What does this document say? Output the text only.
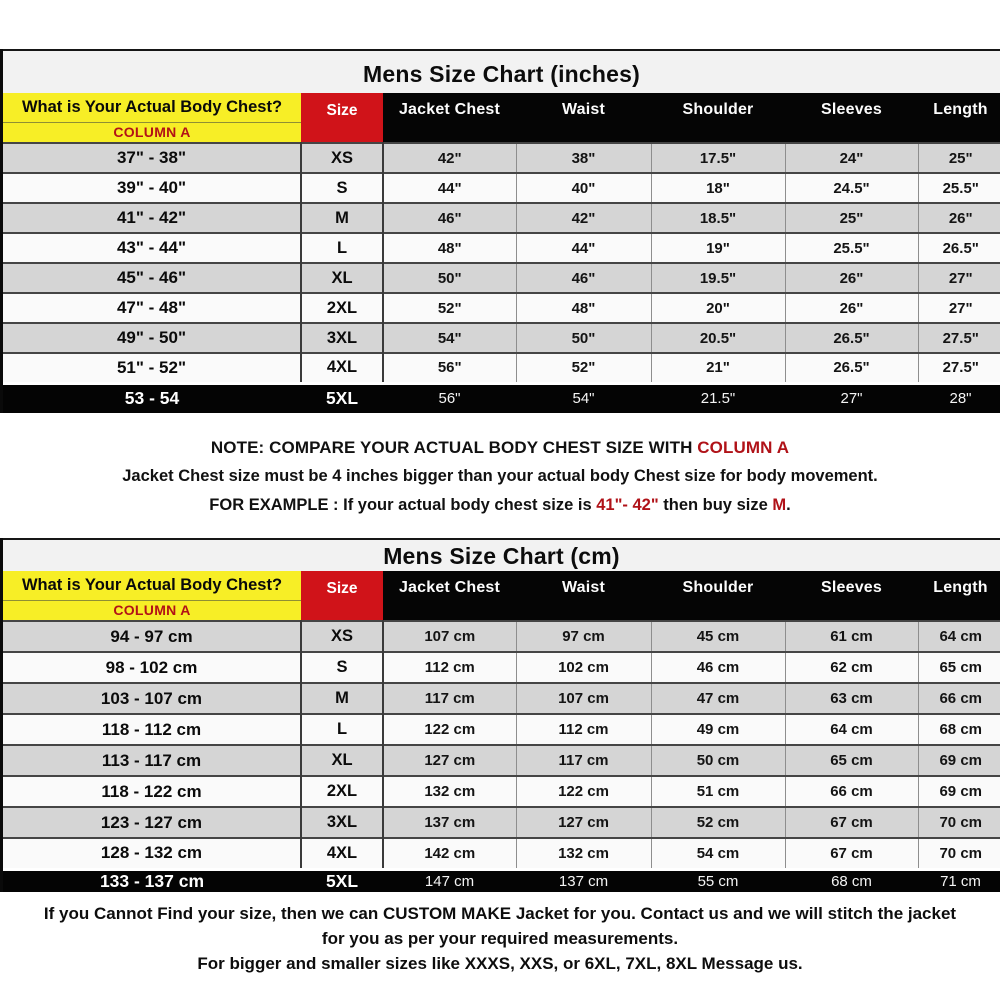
Mens Size Chart (inches)
What is Your Actual Body Chest?
COLUMN A	Size	Jacket Chest	Waist	Shoulder	Sleeves	Length
37" - 38"	XS	42"	38"	17.5"	24"	25"
39" - 40"	S	44"	40"	18"	24.5"	25.5"
41" - 42"	M	46"	42"	18.5"	25"	26"
43" - 44"	L	48"	44"	19"	25.5"	26.5"
45" - 46"	XL	50"	46"	19.5"	26"	27"
47" - 48"	2XL	52"	48"	20"	26"	27"
49" - 50"	3XL	54"	50"	20.5"	26.5"	27.5"
51" - 52"	4XL	56"	52"	21"	26.5"	27.5"
53 - 54	5XL	56"	54"	21.5"	27"	28"
NOTE: COMPARE YOUR ACTUAL BODY CHEST SIZE WITH COLUMN A
Jacket Chest size must be 4 inches bigger than your actual body Chest size for body movement.
FOR EXAMPLE : If your actual body chest size is 41"- 42" then buy size M.
Mens Size Chart (cm)
What is Your Actual Body Chest?
COLUMN A	Size	Jacket Chest	Waist	Shoulder	Sleeves	Length
94 - 97 cm	XS	107 cm	97 cm	45 cm	61 cm	64 cm
98 - 102 cm	S	112 cm	102 cm	46 cm	62 cm	65 cm
103 - 107 cm	M	117 cm	107 cm	47 cm	63 cm	66 cm
118 - 112 cm	L	122 cm	112 cm	49 cm	64 cm	68 cm
113 - 117 cm	XL	127 cm	117 cm	50 cm	65 cm	69 cm
118 - 122 cm	2XL	132 cm	122 cm	51 cm	66 cm	69 cm
123 - 127 cm	3XL	137 cm	127 cm	52 cm	67 cm	70 cm
128 - 132 cm	4XL	142 cm	132 cm	54 cm	67 cm	70 cm
133 - 137 cm	5XL	147 cm	137 cm	55 cm	68 cm	71 cm
If you Cannot Find your size, then we can CUSTOM MAKE Jacket for you. Contact us and we will stitch the jacket
for you as per your required measurements.
For bigger and smaller sizes like XXXS, XXS, or 6XL, 7XL, 8XL Message us.
